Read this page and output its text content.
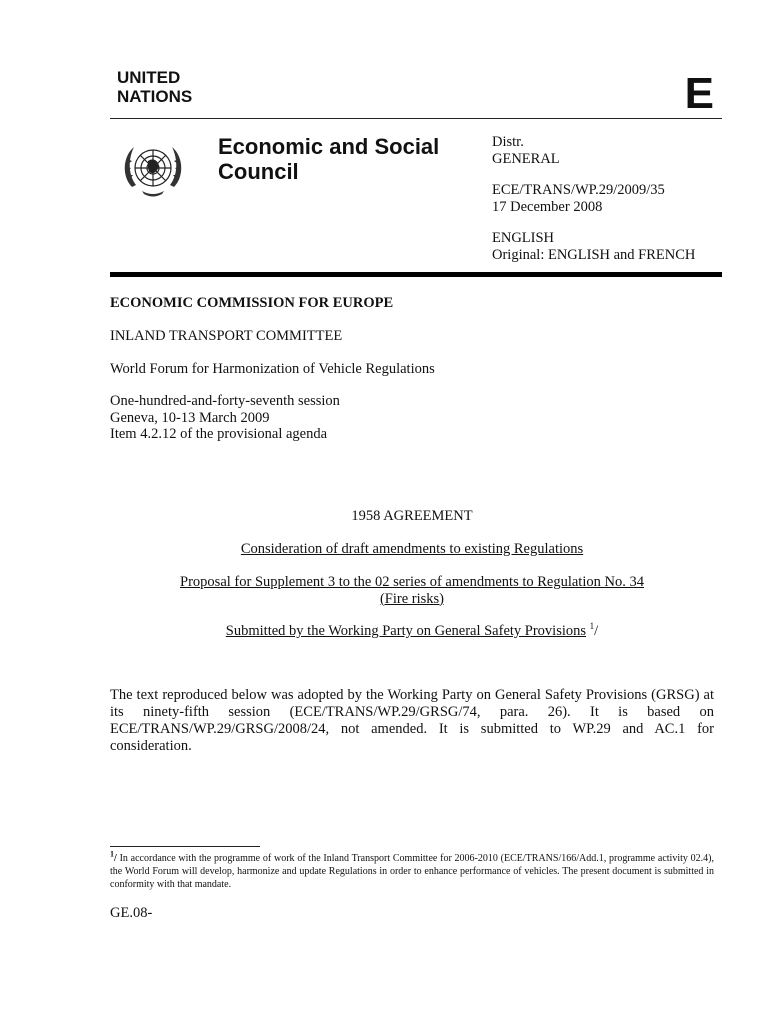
UNITED
NATIONS	E
Economic and Social
Council

Distr.
GENERAL

ECE/TRANS/WP.29/2009/35
17 December 2008

ENGLISH
Original: ENGLISH and FRENCH

ECONOMIC COMMISSION FOR EUROPE
INLAND TRANSPORT COMMITTEE
World Forum for Harmonization of Vehicle Regulations
One-hundred-and-forty-seventh session
Geneva, 10-13 March 2009
Item 4.2.12 of the provisional agenda
1958 AGREEMENT
Consideration of draft amendments to existing Regulations
Proposal for Supplement 3 to the 02 series of amendments to Regulation No. 34
(Fire risks)
Submitted by the Working Party on General Safety Provisions $^1$/
The text reproduced below was adopted by the Working Party on General Safety Provisions (GRSG) at its ninety-fifth session (ECE/TRANS/WP.29/GRSG/74, para. 26). It is based on ECE/TRANS/WP.29/GRSG/2008/24, not amended. It is submitted to WP.29 and AC.1 for consideration.
$^1$/ In accordance with the programme of work of the Inland Transport Committee for 2006-2010 (ECE/TRANS/166/Add.1, programme activity 02.4), the World Forum will develop, harmonize and update Regulations in order to enhance performance of vehicles. The present document is submitted in conformity with that mandate.
GE.08-
